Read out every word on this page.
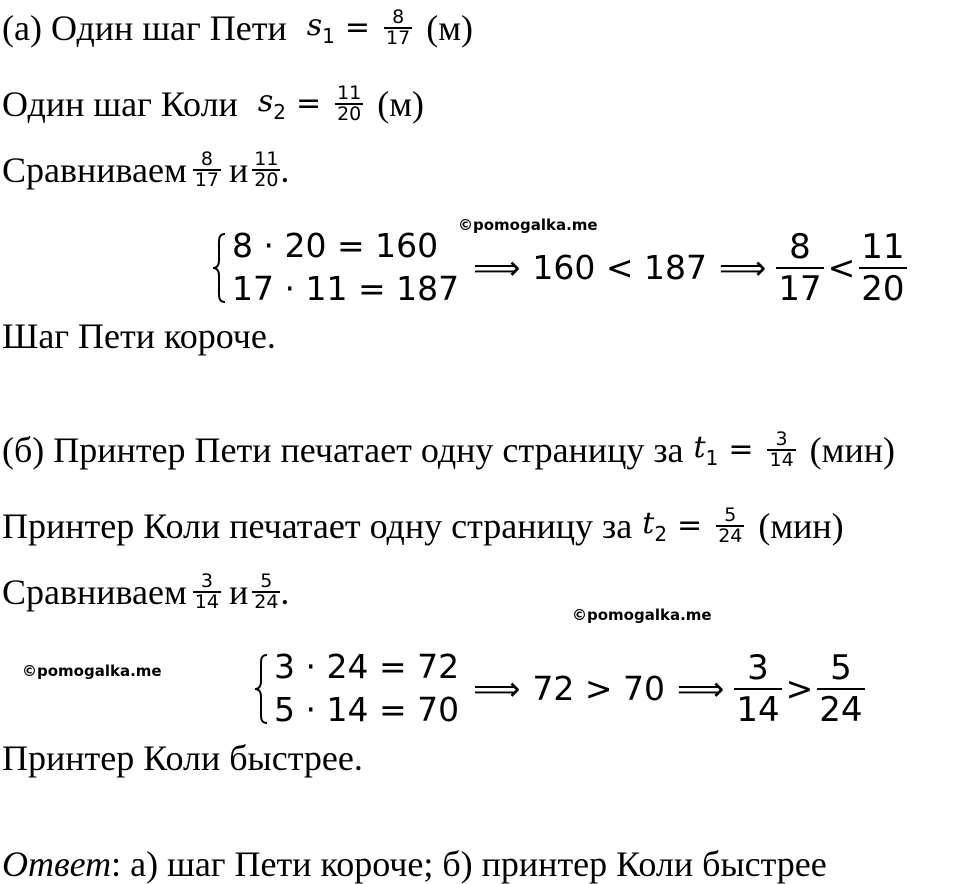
(а) Один шаг Пети $s_1 = \frac{8}{17} (м)$
Один шаг Коли $s_2 = \frac{11}{20} (м)$
Сравниваем $\frac{8}{17}$ и $\frac{11}{20}$ .
8 · 20 = 160
17 · 11 = 187
⟹ 160 < 187 ⟹ $\frac{8}{17} < \frac{11}{20}$
Шаг Пети короче.
(б) Принтер Пети печатает одну страницу за $t_1 = \frac{3}{14} (мин)$
Принтер Коли печатает одну страницу за $t_2 = \frac{5}{24} (мин)$
Сравниваем $\frac{3}{14}$ и $\frac{5}{24}$ .
3 · 24 = 72
5 · 14 = 70
⟹ 72 > 70 ⟹ $\frac{3}{14} > \frac{5}{24}$
Принтер Коли быстрее.
Ответ : а) шаг Пети короче; б) принтер Коли быстрее
©pomogalka.me
©pomogalka.me
©pomogalka.me
